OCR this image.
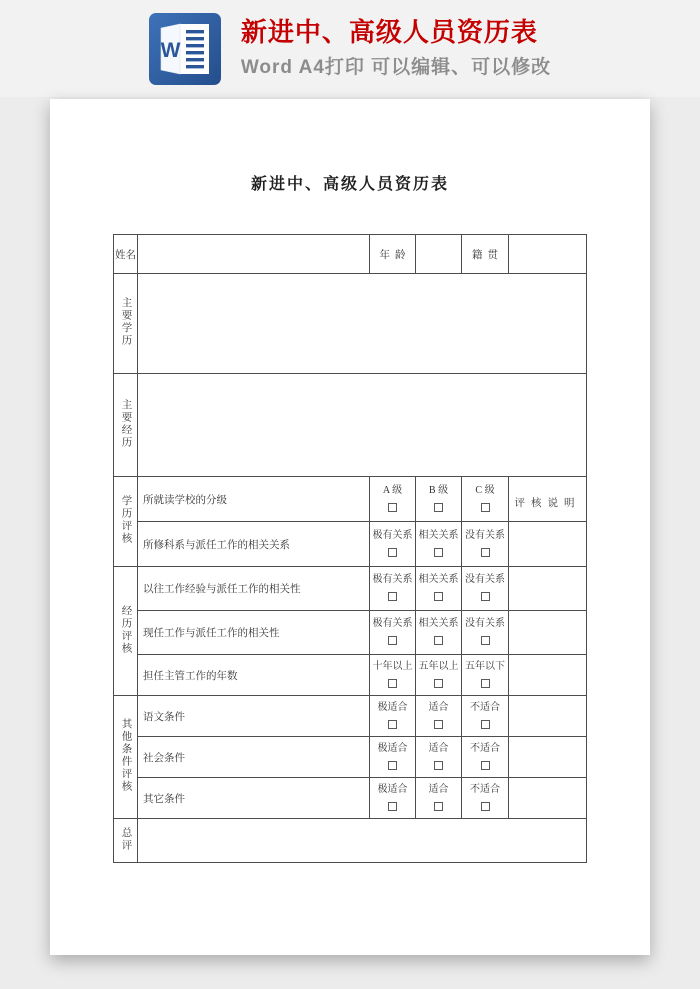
W
新进中、高级人员资历表
Word A4打印 可以编辑、可以修改
新进中、高级人员资历表
姓名		年龄		籍贯	
主要学历					
主要经历					
学历评核	所就读学校的分级	A 级	B 级	C 级	评核说明
	所修科系与派任工作的相关关系	极有关系	相关关系	没有关系	

经历评核	以往工作经验与派任工作的相关性	极有关系	相关关系	没有关系	

	现任工作与派任工作的相关性	极有关系	相关关系	没有关系	

	担任主管工作的年数	十年以上	五年以上	五年以下	

其他条件评核	语文条件	极适合	适合	不适合	

	社会条件	极适合	适合	不适合	

	其它条件	极适合	适合	不适合	

总评					
